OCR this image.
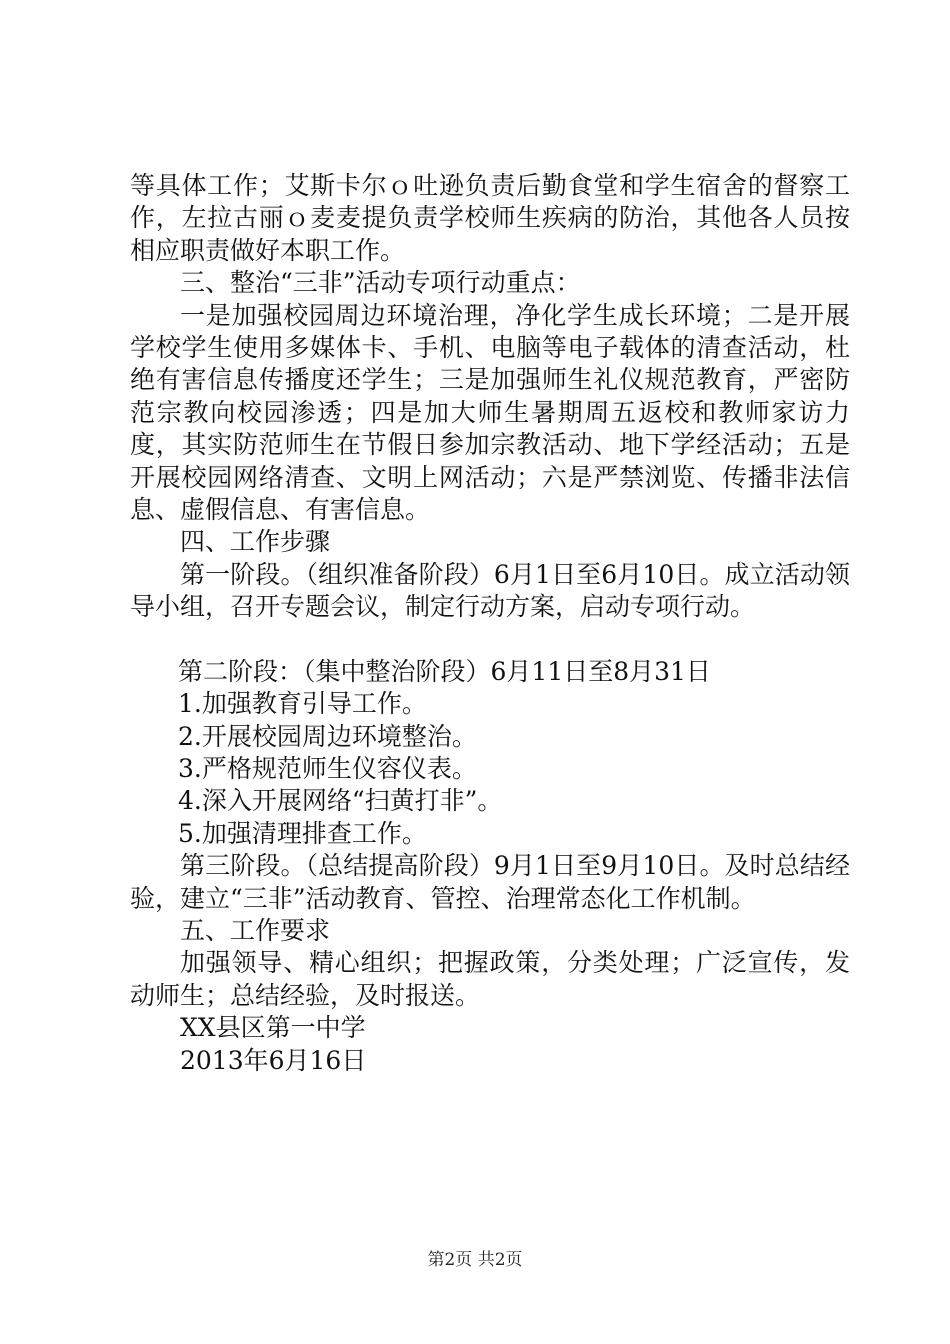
等具体工作；艾斯卡尔ｏ吐逊负责后勤食堂和学生宿舍的督察工作，左拉古丽ｏ麦麦提负责学校师生疾病的防治，其他各人员按相应职责做好本职工作。

三、整治“三非”活动专项行动重点：

一是加强校园周边环境治理，净化学生成长环境；二是开展学校学生使用多媒体卡、手机、电脑等电子载体的清查活动，杜绝有害信息传播度还学生；三是加强师生礼仪规范教育，严密防范宗教向校园渗透；四是加大师生暑期周五返校和教师家访力度，其实防范师生在节假日参加宗教活动、地下学经活动；五是开展校园网络清查、文明上网活动；六是严禁浏览、传播非法信息、虚假信息、有害信息。

四、工作步骤

第一阶段。（组织准备阶段）6月1日至6月10日。成立活动领导小组，召开专题会议，制定行动方案，启动专项行动。

第二阶段：（集中整治阶段）6月11日至8月31日

1.加强教育引导工作。

2.开展校园周边环境整治。

3.严格规范师生仪容仪表。

4.深入开展网络“扫黄打非”。

5.加强清理排查工作。

第三阶段。（总结提高阶段）9月1日至9月10日。及时总结经验，建立“三非”活动教育、管控、治理常态化工作机制。

五、工作要求

加强领导、精心组织；把握政策，分类处理；广泛宣传，发动师生；总结经验，及时报送。

XX县区第一中学

2013年6月16日

第2页 共2页
